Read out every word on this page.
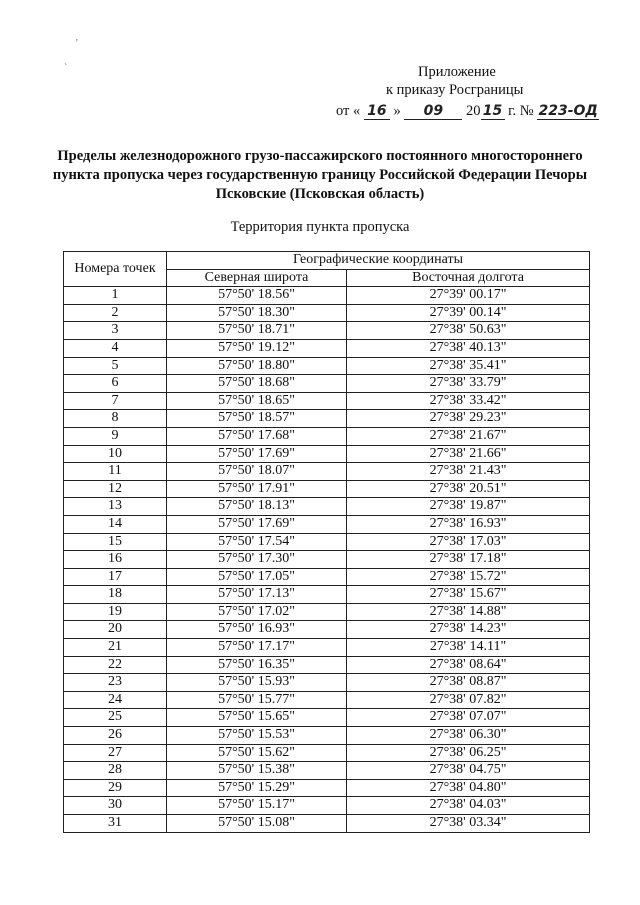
'
`	Приложение
к приказу Росграницы
от « 16 » 09 20 15 г. № 223-ОД
Пределы железнодорожного грузо-пассажирского постоянного многостороннего пункта пропуска через государственную границу Российской Федерации Печоры Псковские (Псковская область)
Территория пункта пропуска
Номера точек	Географические координаты	
	Северная широта	Восточная долгота
1	57°50' 18.56"	27°39' 00.17"
2	57°50' 18.30"	27°39' 00.14"
3	57°50' 18.71"	27°38' 50.63"
4	57°50' 19.12"	27°38' 40.13"
5	57°50' 18.80"	27°38' 35.41"
6	57°50' 18.68"	27°38' 33.79"
7	57°50' 18.65"	27°38' 33.42"
8	57°50' 18.57"	27°38' 29.23"
9	57°50' 17.68"	27°38' 21.67"
10	57°50' 17.69"	27°38' 21.66"
11	57°50' 18.07"	27°38' 21.43"
12	57°50' 17.91"	27°38' 20.51"
13	57°50' 18.13"	27°38' 19.87"
14	57°50' 17.69"	27°38' 16.93"
15	57°50' 17.54"	27°38' 17.03"
16	57°50' 17.30"	27°38' 17.18"
17	57°50' 17.05"	27°38' 15.72"
18	57°50' 17.13"	27°38' 15.67"
19	57°50' 17.02"	27°38' 14.88"
20	57°50' 16.93"	27°38' 14.23"
21	57°50' 17.17"	27°38' 14.11"
22	57°50' 16.35"	27°38' 08.64"
23	57°50' 15.93"	27°38' 08.87"
24	57°50' 15.77"	27°38' 07.82"
25	57°50' 15.65"	27°38' 07.07"
26	57°50' 15.53"	27°38' 06.30"
27	57°50' 15.62"	27°38' 06.25"
28	57°50' 15.38"	27°38' 04.75"
29	57°50' 15.29"	27°38' 04.80"
30	57°50' 15.17"	27°38' 04.03"
31	57°50' 15.08"	27°38' 03.34"
